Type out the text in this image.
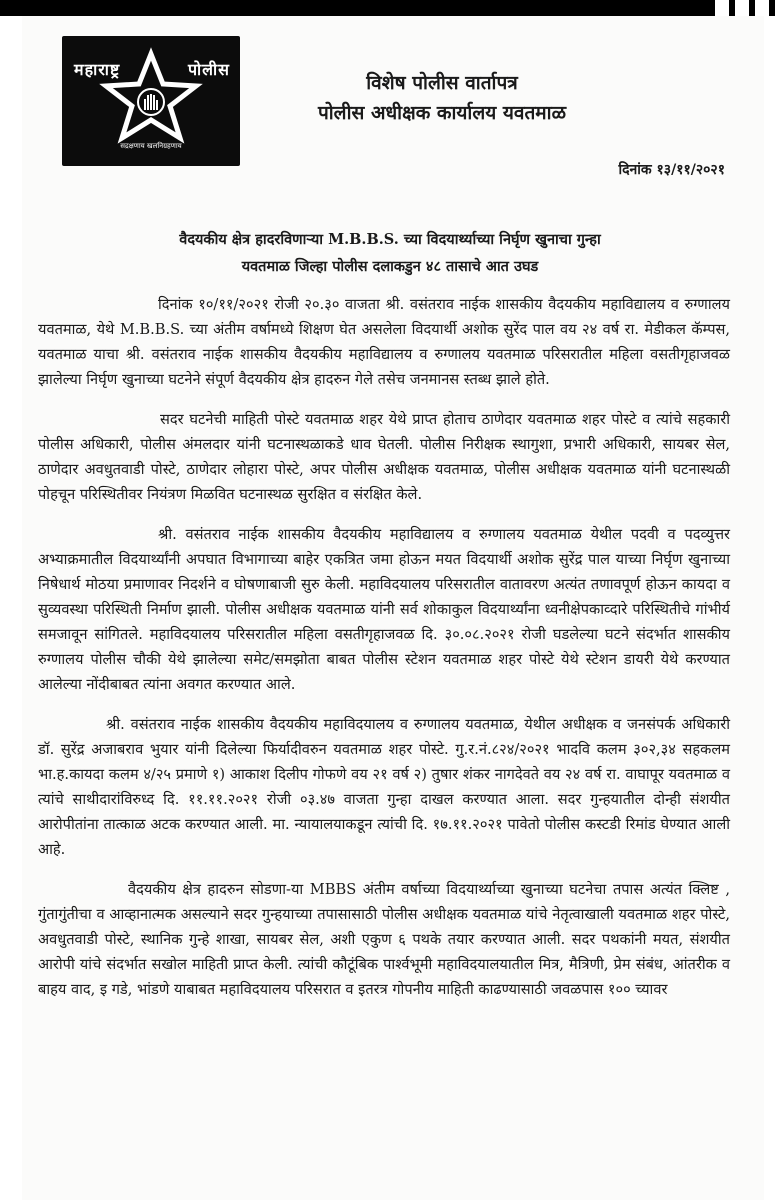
महाराष्ट्र	पोलीस
सद्रक्षणाय खलनिग्रहणाय
विशेष पोलीस वार्तापत्र
पोलीस अधीक्षक कार्यालय यवतमाळ
दिनांक १३/११/२०२१
वैदयकीय क्षेत्र हादरविणाऱ्या M.B.B.S. च्या विदयार्थ्याच्या निर्घृण खुनाचा गुन्हा
यवतमाळ जिल्हा पोलीस दलाकडुन ४८ तासाचे आत उघड

दिनांक १०/११/२०२१ रोजी २०.३० वाजता श्री. वसंतराव नाईक शासकीय वैदयकीय महाविद्यालय व रुग्णालय यवतमाळ, येथे M.B.B.S. च्या अंतीम वर्षामध्ये शिक्षण घेत असलेला विदयार्थी अशोक सुरेंद पाल वय २४ वर्ष रा. मेडीकल कॅम्पस, यवतमाळ याचा श्री. वसंतराव नाईक शासकीय वैदयकीय महाविद्यालय व रुग्णालय यवतमाळ परिसरातील महिला वसतीगृहाजवळ झालेल्या निर्घृण खुनाच्या घटनेने संपूर्ण वैदयकीय क्षेत्र हादरुन गेले तसेच जनमानस स्तब्ध झाले होते.

सदर घटनेची माहिती पोस्टे यवतमाळ शहर येथे प्राप्त होताच ठाणेदार यवतमाळ शहर पोस्टे व त्यांचे सहकारी पोलीस अधिकारी, पोलीस अंमलदार यांनी घटनास्थळाकडे धाव घेतली. पोलीस निरीक्षक स्थागुशा, प्रभारी अधिकारी, सायबर सेल, ठाणेदार अवधुतवाडी पोस्टे, ठाणेदार लोहारा पोस्टे, अपर पोलीस अधीक्षक यवतमाळ, पोलीस अधीक्षक यवतमाळ यांनी घटनास्थळी पोहचून परिस्थितीवर नियंत्रण मिळवित घटनास्थळ सुरक्षित व संरक्षित केले.

श्री. वसंतराव नाईक शासकीय वैदयकीय महाविद्यालय व रुग्णालय यवतमाळ येथील पदवी व पदव्युत्तर अभ्याक्रमातील विदयार्थ्यांनी अपघात विभागाच्या बाहेर एकत्रित जमा होऊन मयत विदयार्थी अशोक सुरेंद्र पाल याच्या निर्घृण खुनाच्या निषेधार्थ मोठया प्रमाणावर निदर्शने व घोषणाबाजी सुरु केली. महाविदयालय परिसरातील वातावरण अत्यंत तणावपूर्ण होऊन कायदा व सुव्यवस्था परिस्थिती निर्माण झाली. पोलीस अधीक्षक यवतमाळ यांनी सर्व शोकाकुल विदयार्थ्यांना ध्वनीक्षेपकाव्दारे परिस्थितीचे गांभीर्य समजावून सांगितले. महाविदयालय परिसरातील महिला वसतीगृहाजवळ दि. ३०.०८.२०२१ रोजी घडलेल्या घटने संदर्भात शासकीय रुग्णालय पोलीस चौकी येथे झालेल्या समेट/समझोता बाबत पोलीस स्टेशन यवतमाळ शहर पोस्टे येथे स्टेशन डायरी येथे करण्यात आलेल्या नोंदीबाबत त्यांना अवगत करण्यात आले.

श्री. वसंतराव नाईक शासकीय वैदयकीय महाविदयालय व रुग्णालय यवतमाळ, येथील अधीक्षक व जनसंपर्क अधिकारी डॉ. सुरेंद्र अजाबराव भुयार यांनी दिलेल्या फिर्यादीवरुन यवतमाळ शहर पोस्टे. गु.र.नं.८२४/२०२१ भादवि कलम ३०२,३४ सहकलम भा.ह.कायदा कलम ४/२५ प्रमाणे १) आकाश दिलीप गोफणे वय २१ वर्ष २) तुषार शंकर नागदेवते वय २४ वर्ष रा. वाघापूर यवतमाळ व त्यांचे साथीदारांविरुध्द दि. ११.११.२०२१ रोजी ०३.४७ वाजता गुन्हा दाखल करण्यात आला. सदर गुन्हयातील दोन्ही संशयीत आरोपीतांना तात्काळ अटक करण्यात आली. मा. न्यायालयाकडून त्यांची दि. १७.११.२०२१ पावेतो पोलीस कस्टडी रिमांड घेण्यात आली आहे.

वैदयकीय क्षेत्र हादरुन सोडणा-या MBBS अंतीम वर्षाच्या विदयार्थ्याच्या खुनाच्या घटनेचा तपास अत्यंत क्लिष्ट , गुंतागुंतीचा व आव्हानात्मक असल्याने सदर गुन्हयाच्या तपासासाठी पोलीस अधीक्षक यवतमाळ यांचे नेतृत्वाखाली यवतमाळ शहर पोस्टे, अवधुतवाडी पोस्टे, स्थानिक गुन्हे शाखा, सायबर सेल, अशी एकुण ६ पथके तयार करण्यात आली. सदर पथकांनी मयत, संशयीत आरोपी यांचे संदर्भात सखोल माहिती प्राप्त केली. त्यांची कौटूंबिक पार्श्वभूमी महाविदयालयातील मित्र, मैत्रिणी, प्रेम संबंध, आंतरीक व बाहय वाद, इ गडे, भांडणे याबाबत महाविदयालय परिसरात व इतरत्र गोपनीय माहिती काढण्यासाठी जवळपास १०० च्यावर
